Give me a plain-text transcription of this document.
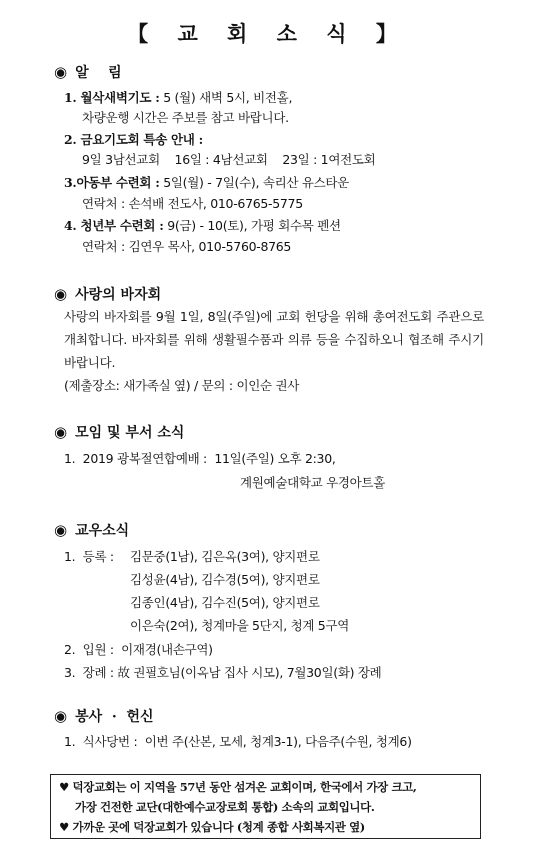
【 교 회 소 식 】
◉ 알    림
1. 월삭새벽기도 : 5 (월) 새벽 5시, 비전홀,
차량운행 시간은 주보를 참고 바랍니다.
2. 금요기도회 특송 안내 :
9일 3남선교회    16일 : 4남선교회    23일 : 1여전도회
3.아동부 수련회 : 5일(월) - 7일(수), 속리산 유스타운
연락처 : 손석배 전도사, 010-6765-5775
4. 청년부 수련회 : 9(금) - 10(토), 가평 회수목 펜션
연락처 : 김연우 목사, 010-5760-8765
◉ 사랑의 바자회
사랑의 바자회를 9월 1일, 8일(주일)에 교회 헌당을 위해 총여전도회 주관으로 개최합니다. 바자회를 위해 생활필수품과 의류 등을 수집하오니 협조해 주시기 바랍니다.
(제출장소: 새가족실 옆) / 문의 : 이인순 권사
◉ 모임 및 부서 소식
1.  2019 광복절연합예배 :  11일(주일) 오후 2:30,
계원예술대학교 우경아트홀
◉ 교우소식
1.  등록 : 김문중(1남), 김은옥(3여), 양지편로
김성윤(4남), 김수경(5여), 양지편로
김종인(4남), 김수진(5여), 양지편로
이은숙(2여), 청계마을 5단지, 청계 5구역
2.  입원 :  이재경(내손구역)
3.  장례 : 故 권필호님(이옥남 집사 시모), 7월30일(화) 장례
◉ 봉사  ·  헌신
1.  식사당번 :  이번 주(산본, 모세, 청계3-1), 다음주(수원, 청계6)
♥ 덕장교회는 이 지역을 57년 동안 섬겨온 교회이며, 한국에서 가장 크고,
가장 건전한 교단(대한예수교장로회 통합) 소속의 교회입니다.
♥ 가까운 곳에 덕장교회가 있습니다 (청계 종합 사회복지관 옆)
